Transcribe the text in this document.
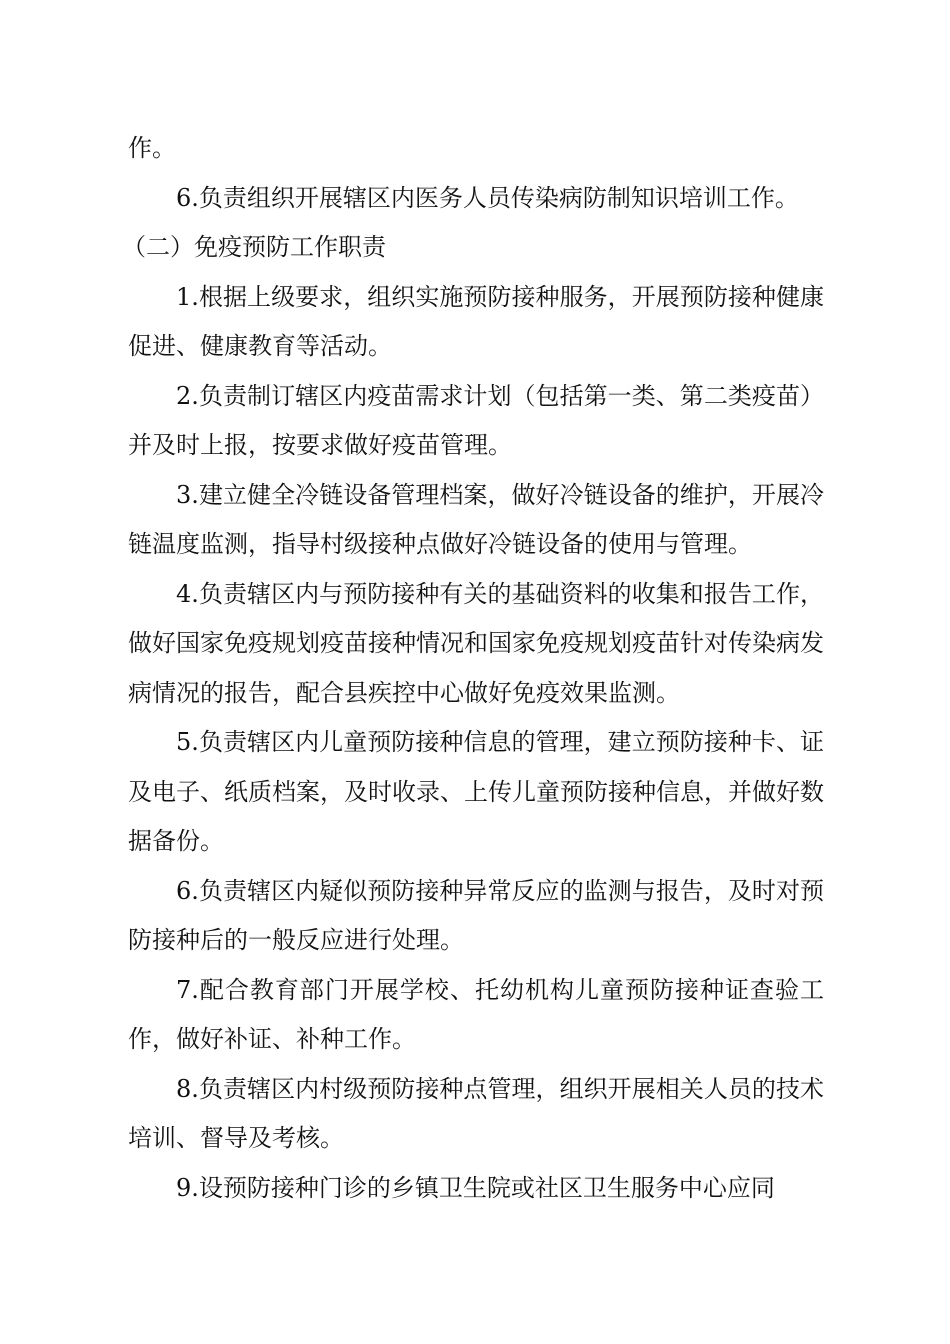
作。

6.负责组织开展辖区内医务人员传染病防制知识培训工作。

（二）免疫预防工作职责

1.根据上级要求，组织实施预防接种服务，开展预防接种健康促进、健康教育等活动。

2.负责制订辖区内疫苗需求计划（包括第一类、第二类疫苗）并及时上报，按要求做好疫苗管理。

3.建立健全冷链设备管理档案，做好冷链设备的维护，开展冷链温度监测，指导村级接种点做好冷链设备的使用与管理。

4.负责辖区内与预防接种有关的基础资料的收集和报告工作，做好国家免疫规划疫苗接种情况和国家免疫规划疫苗针对传染病发病情况的报告，配合县疾控中心做好免疫效果监测。

5.负责辖区内儿童预防接种信息的管理，建立预防接种卡、证及电子、纸质档案，及时收录、上传儿童预防接种信息，并做好数据备份。

6.负责辖区内疑似预防接种异常反应的监测与报告，及时对预防接种后的一般反应进行处理。

7.配合教育部门开展学校、托幼机构儿童预防接种证查验工作，做好补证、补种工作。

8.负责辖区内村级预防接种点管理，组织开展相关人员的技术培训、督导及考核。

9.设预防接种门诊的乡镇卫生院或社区卫生服务中心应同
